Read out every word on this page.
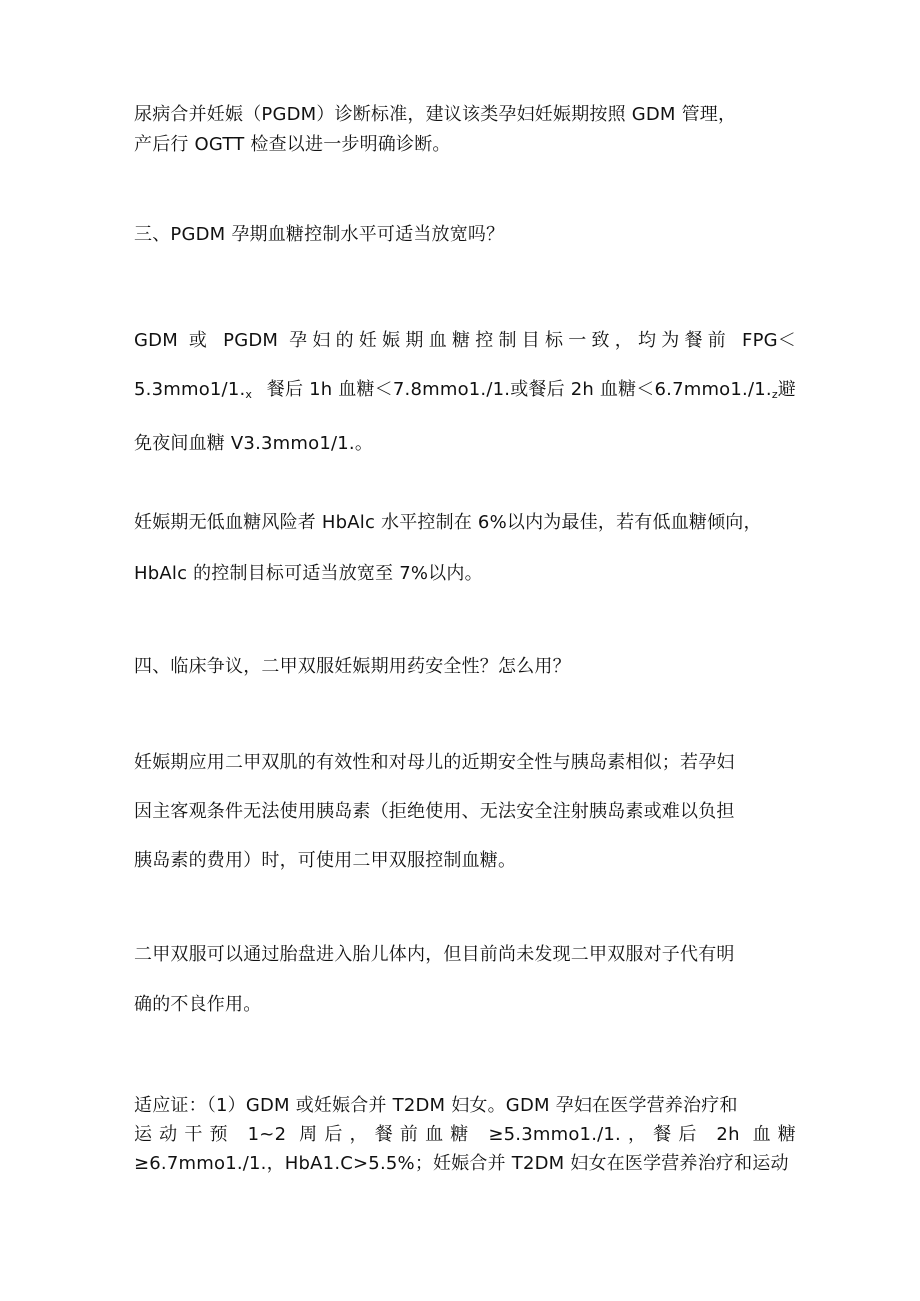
尿病合并妊娠（PGDM）诊断标准，建议该类孕妇妊娠期按照 GDM 管理，
产后行 OGTT 检查以进一步明确诊断。

三、PGDM 孕期血糖控制水平可适当放宽吗？

GDM 或 PGDM 孕妇的妊娠期血糖控制目标一致，均为餐前 FPG＜
$5.3mmo1/1._x$ 餐后 1h 血糖＜7.8mmo1./1.或餐后 2h 血糖$<6.7mmo1./1._z$避
免夜间血糖 V3.3mmo1/1.。

妊娠期无低血糖风险者 HbAlc 水平控制在 6%以内为最佳，若有低血糖倾向，
HbAlc 的控制目标可适当放宽至 7%以内。

四、临床争议，二甲双服妊娠期用药安全性？怎么用？

妊娠期应用二甲双肌的有效性和对母儿的近期安全性与胰岛素相似；若孕妇
因主客观条件无法使用胰岛素（拒绝使用、无法安全注射胰岛素或难以负担
胰岛素的费用）时，可使用二甲双服控制血糖。

二甲双服可以通过胎盘进入胎儿体内，但目前尚未发现二甲双服对子代有明
确的不良作用。

适应证：（1）GDM 或妊娠合并 T2DM 妇女。GDM 孕妇在医学营养治疗和
运动干预 1~2 周后，餐前血糖 ≥5.3mmo1./1.，餐后 2h 血糖
≥6.7mmo1./1.，HbA1.C>5.5%；妊娠合并 T2DM 妇女在医学营养治疗和运动
